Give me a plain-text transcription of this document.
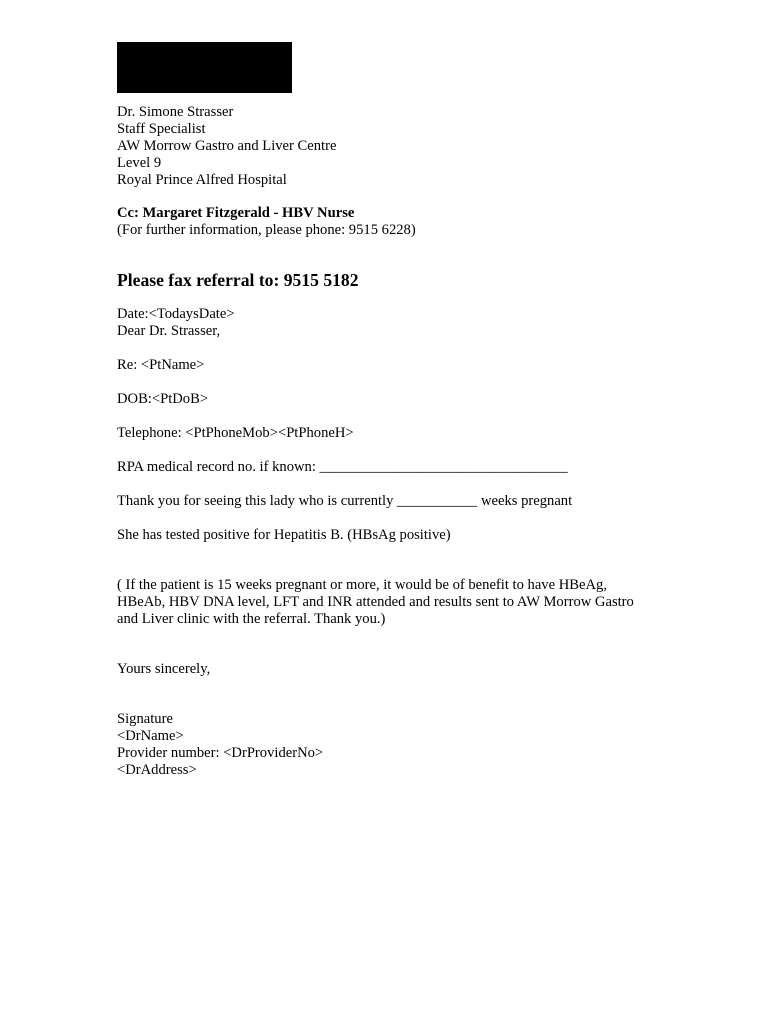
Dr. Simone Strasser
Staff Specialist
AW Morrow Gastro and Liver Centre
Level 9
Royal Prince Alfred Hospital
Cc: Margaret Fitzgerald - HBV Nurse
(For further information, please phone: 9515 6228)
Please fax referral to: 9515 5182
Date:<TodaysDate>
Dear Dr. Strasser,
Re: <PtName>
DOB:<PtDoB>
Telephone: <PtPhoneMob><PtPhoneH>
RPA medical record no. if known: __________________________________
Thank you for seeing this lady who is currently ___________ weeks pregnant
She has tested positive for Hepatitis B. (HBsAg positive)
( If the patient is 15 weeks pregnant or more, it would be of benefit to have HBeAg, HBeAb, HBV DNA level, LFT and INR attended and results sent to AW Morrow Gastro and Liver clinic with the referral. Thank you.)
Yours sincerely,
Signature
<DrName>
Provider number: <DrProviderNo>
<DrAddress>
